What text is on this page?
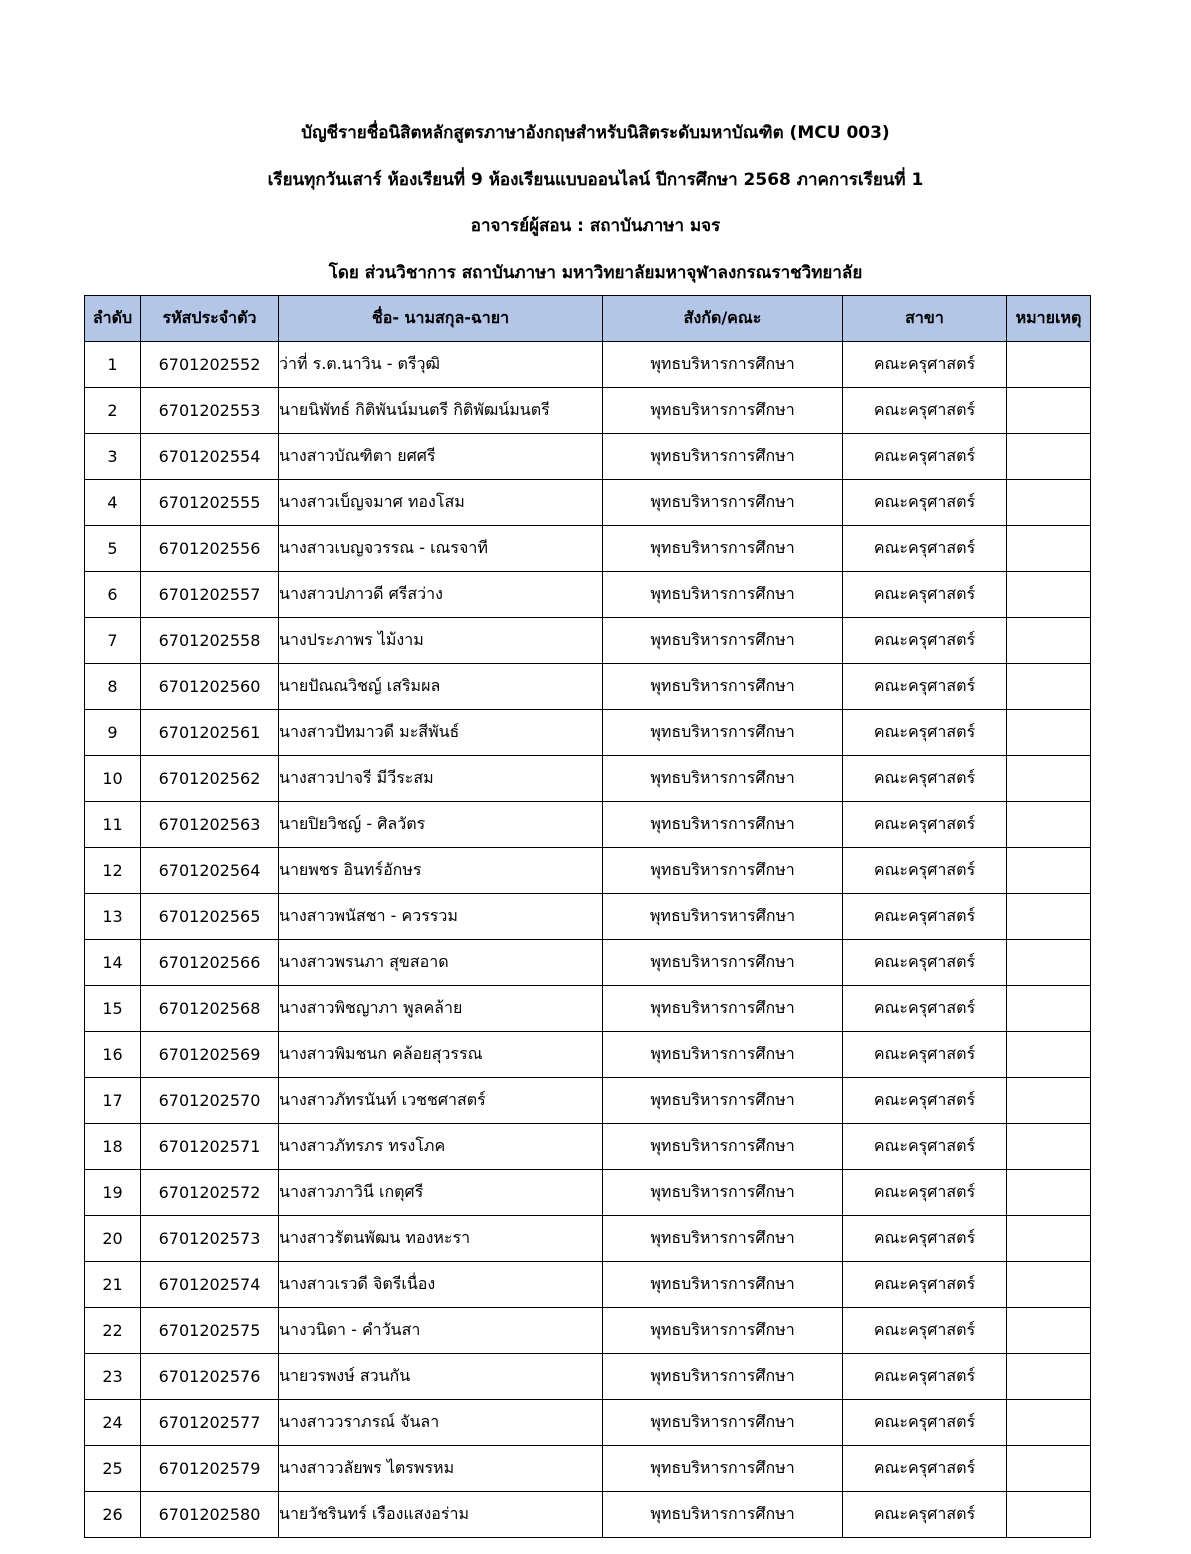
บัญชีรายชื่อนิสิตหลักสูตรภาษาอังกฤษสำหรับนิสิตระดับมหาบัณฑิต (MCU 003)
เรียนทุกวันเสาร์ ห้องเรียนที่ 9 ห้องเรียนแบบออนไลน์ ปีการศึกษา 2568 ภาคการเรียนที่ 1
อาจารย์ผู้สอน : สถาบันภาษา มจร
โดย ส่วนวิชาการ สถาบันภาษา มหาวิทยาลัยมหาจุฬาลงกรณราชวิทยาลัย
ลำดับ	รหัสประจำตัว	ชื่อ- นามสกุล-ฉายา	สังกัด/คณะ	สาขา	หมายเหตุ
1	6701202552	ว่าที่ ร.ต.นาวิน - ตรีวุฒิ	พุทธบริหารการศึกษา	คณะครุศาสตร์	
2	6701202553	นายนิพัทธ์ กิติพันน์มนตรี กิติพัฒน์มนตรี	พุทธบริหารการศึกษา	คณะครุศาสตร์	
3	6701202554	นางสาวบัณฑิตา ยศศรี	พุทธบริหารการศึกษา	คณะครุศาสตร์	
4	6701202555	นางสาวเบ็ญจมาศ ทองโสม	พุทธบริหารการศึกษา	คณะครุศาสตร์	
5	6701202556	นางสาวเบญจวรรณ - เณรจาที	พุทธบริหารการศึกษา	คณะครุศาสตร์	
6	6701202557	นางสาวปภาวดี ศรีสว่าง	พุทธบริหารการศึกษา	คณะครุศาสตร์	
7	6701202558	นางประภาพร ไม้งาม	พุทธบริหารการศึกษา	คณะครุศาสตร์	
8	6701202560	นายปัณณวิชญ์ เสริมผล	พุทธบริหารการศึกษา	คณะครุศาสตร์	
9	6701202561	นางสาวปัทมาวดี มะสีพันธ์	พุทธบริหารการศึกษา	คณะครุศาสตร์	
10	6701202562	นางสาวปาจรี มีวีระสม	พุทธบริหารการศึกษา	คณะครุศาสตร์	
11	6701202563	นายปิยวิชญ์ - ศิลวัตร	พุทธบริหารการศึกษา	คณะครุศาสตร์	
12	6701202564	นายพชร อินทร์อักษร	พุทธบริหารการศึกษา	คณะครุศาสตร์	
13	6701202565	นางสาวพนัสชา - ควรรวม	พุทธบริหารหารศึกษา	คณะครุศาสตร์	
14	6701202566	นางสาวพรนภา สุขสอาด	พุทธบริหารการศึกษา	คณะครุศาสตร์	
15	6701202568	นางสาวพิชญาภา พูลคล้าย	พุทธบริหารการศึกษา	คณะครุศาสตร์	
16	6701202569	นางสาวพิมชนก คล้อยสุวรรณ	พุทธบริหารการศึกษา	คณะครุศาสตร์	
17	6701202570	นางสาวภัทรนันท์ เวชชศาสตร์	พุทธบริหารการศึกษา	คณะครุศาสตร์	
18	6701202571	นางสาวภัทรภร ทรงโภค	พุทธบริหารการศึกษา	คณะครุศาสตร์	
19	6701202572	นางสาวภาวินี เกตุศรี	พุทธบริหารการศึกษา	คณะครุศาสตร์	
20	6701202573	นางสาวรัตนพัฒน ทองหะรา	พุทธบริหารการศึกษา	คณะครุศาสตร์	
21	6701202574	นางสาวเรวดี จิตรีเนื่อง	พุทธบริหารการศึกษา	คณะครุศาสตร์	
22	6701202575	นางวนิดา - คำวันสา	พุทธบริหารการศึกษา	คณะครุศาสตร์	
23	6701202576	นายวรพงษ์ สวนกัน	พุทธบริหารการศึกษา	คณะครุศาสตร์	
24	6701202577	นางสาววราภรณ์ จันลา	พุทธบริหารการศึกษา	คณะครุศาสตร์	
25	6701202579	นางสาววลัยพร ไตรพรหม	พุทธบริหารการศึกษา	คณะครุศาสตร์	
26	6701202580	นายวัชรินทร์ เรืองแสงอร่าม	พุทธบริหารการศึกษา	คณะครุศาสตร์	
